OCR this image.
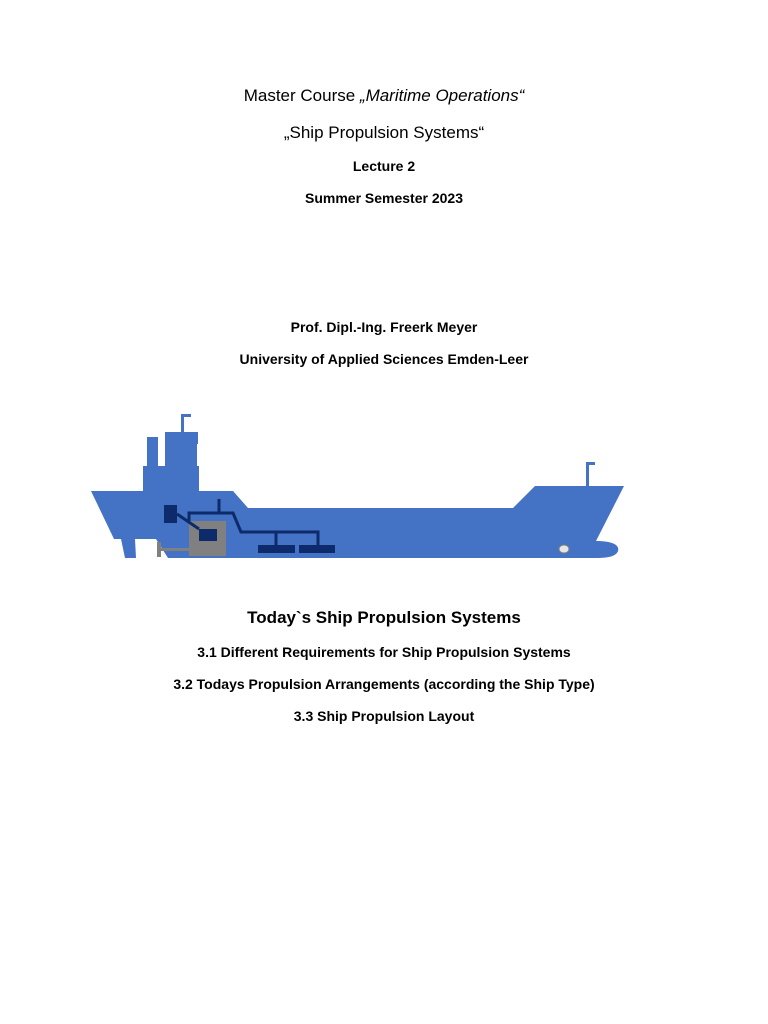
Master Course „Maritime Operations“
„Ship Propulsion Systems“
Lecture 2
Summer Semester 2023
Prof. Dipl.-Ing. Freerk Meyer
University of Applied Sciences Emden-Leer
Today`s Ship Propulsion Systems
3.1 Different Requirements for Ship Propulsion Systems
3.2 Todays Propulsion Arrangements (according the Ship Type)
3.3 Ship Propulsion Layout
